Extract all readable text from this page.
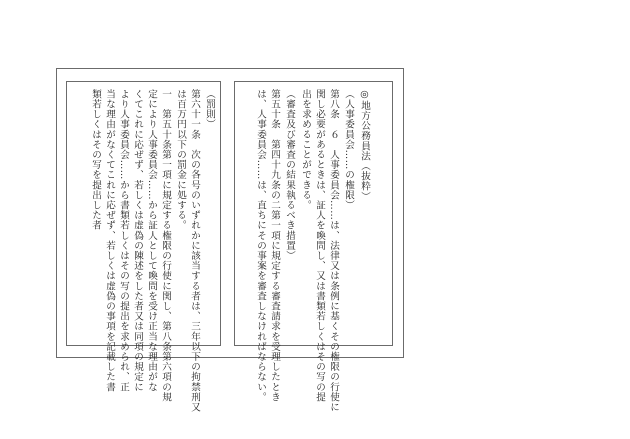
◎地方公務員法（抜粋）
（人事委員会……の権限）
第八条　６　人事委員会……は、法律又は条例に基くその権限の行使に
関し必要があるときは、証人を喚問し、又は書類若しくはその写の提
出を求めることができる。
（審査及び審査の結果執るべき措置）
第五十条　第四十九条の二第一項に規定する審査請求を受理したとき
は、人事委員会……は、直ちにその事案を審査しなければならない。
（罰則）
第六十一条　次の各号のいずれかに該当する者は、三年以下の拘禁刑又
は百万円以下の罰金に処する。
一　第五十条第一項に規定する権限の行使に関し、第八条第六項の規
定により人事委員会……から証人として喚問を受け正当な理由がな
くてこれに応ぜず、若しくは虚偽の陳述をした者又は同項の規定に
より人事委員会……から書類若しくはその写の提出を求められ、正
当な理由がなくてこれに応ぜず、若しくは虚偽の事項を記載した書
類若しくはその写を提出した者
